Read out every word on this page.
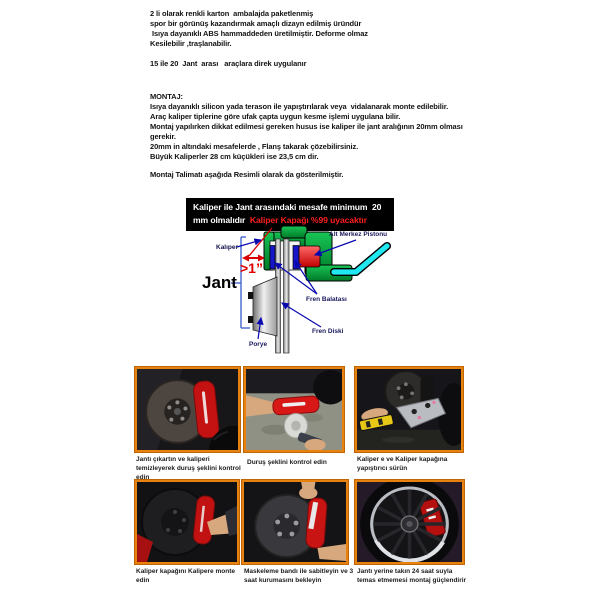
2 li olarak renkli karton  ambalajda paketlenmiş
spor bir görünüş kazandırmak amaçlı dizayn edilmiş üründür
Isıya dayanıklı ABS hammaddeden üretilmiştir. Deforme olmaz
Kesilebilir ,traşlanabilir.
15 ile 20  Jant  arası   araçlara direk uygulanır
MONTAJ:
Isıya dayanıklı silicon yada terason ile yapıştırılarak veya  vidalanarak monte edilebilir.
Araç kaliper tiplerine göre ufak çapta uygun kesme işlemi uygulana bilir.
Montaj yapılırken dikkat edilmesi gereken husus ise kaliper ile jant aralığının 20mm olması
gerekir.
20mm in altındaki mesafelerde , Flanş takarak çözebilirsiniz.
Büyük Kaliperler 28 cm küçükleri ise 23,5 cm dir.
Montaj Talimatı aşağıda Resimli olarak da gösterilmiştir.
Kaliper ile Jant arasındaki mesafe minimum  20
mm olmalıdır  Kaliper Kapağı %99 uyacaktır
Kalıper
Jant
>1”
Alt Merkez Pistonu
Fren Balatası
Fren Diski
Porye
Jantı çıkartın ve kaliperi temizleyerek duruş şeklini kontrol edin
Duruş şeklini kontrol edin	Kaliper e ve Kaliper kapağına yapıştırıcı sürün
Kaliper kapağını Kalipere monte edin
Maskeleme bandı ile sabitleyin ve 3 saat kurumasını bekleyin
Jantı yerine takın 24 saat suyla temas etmemesi montaj güçlendirir
